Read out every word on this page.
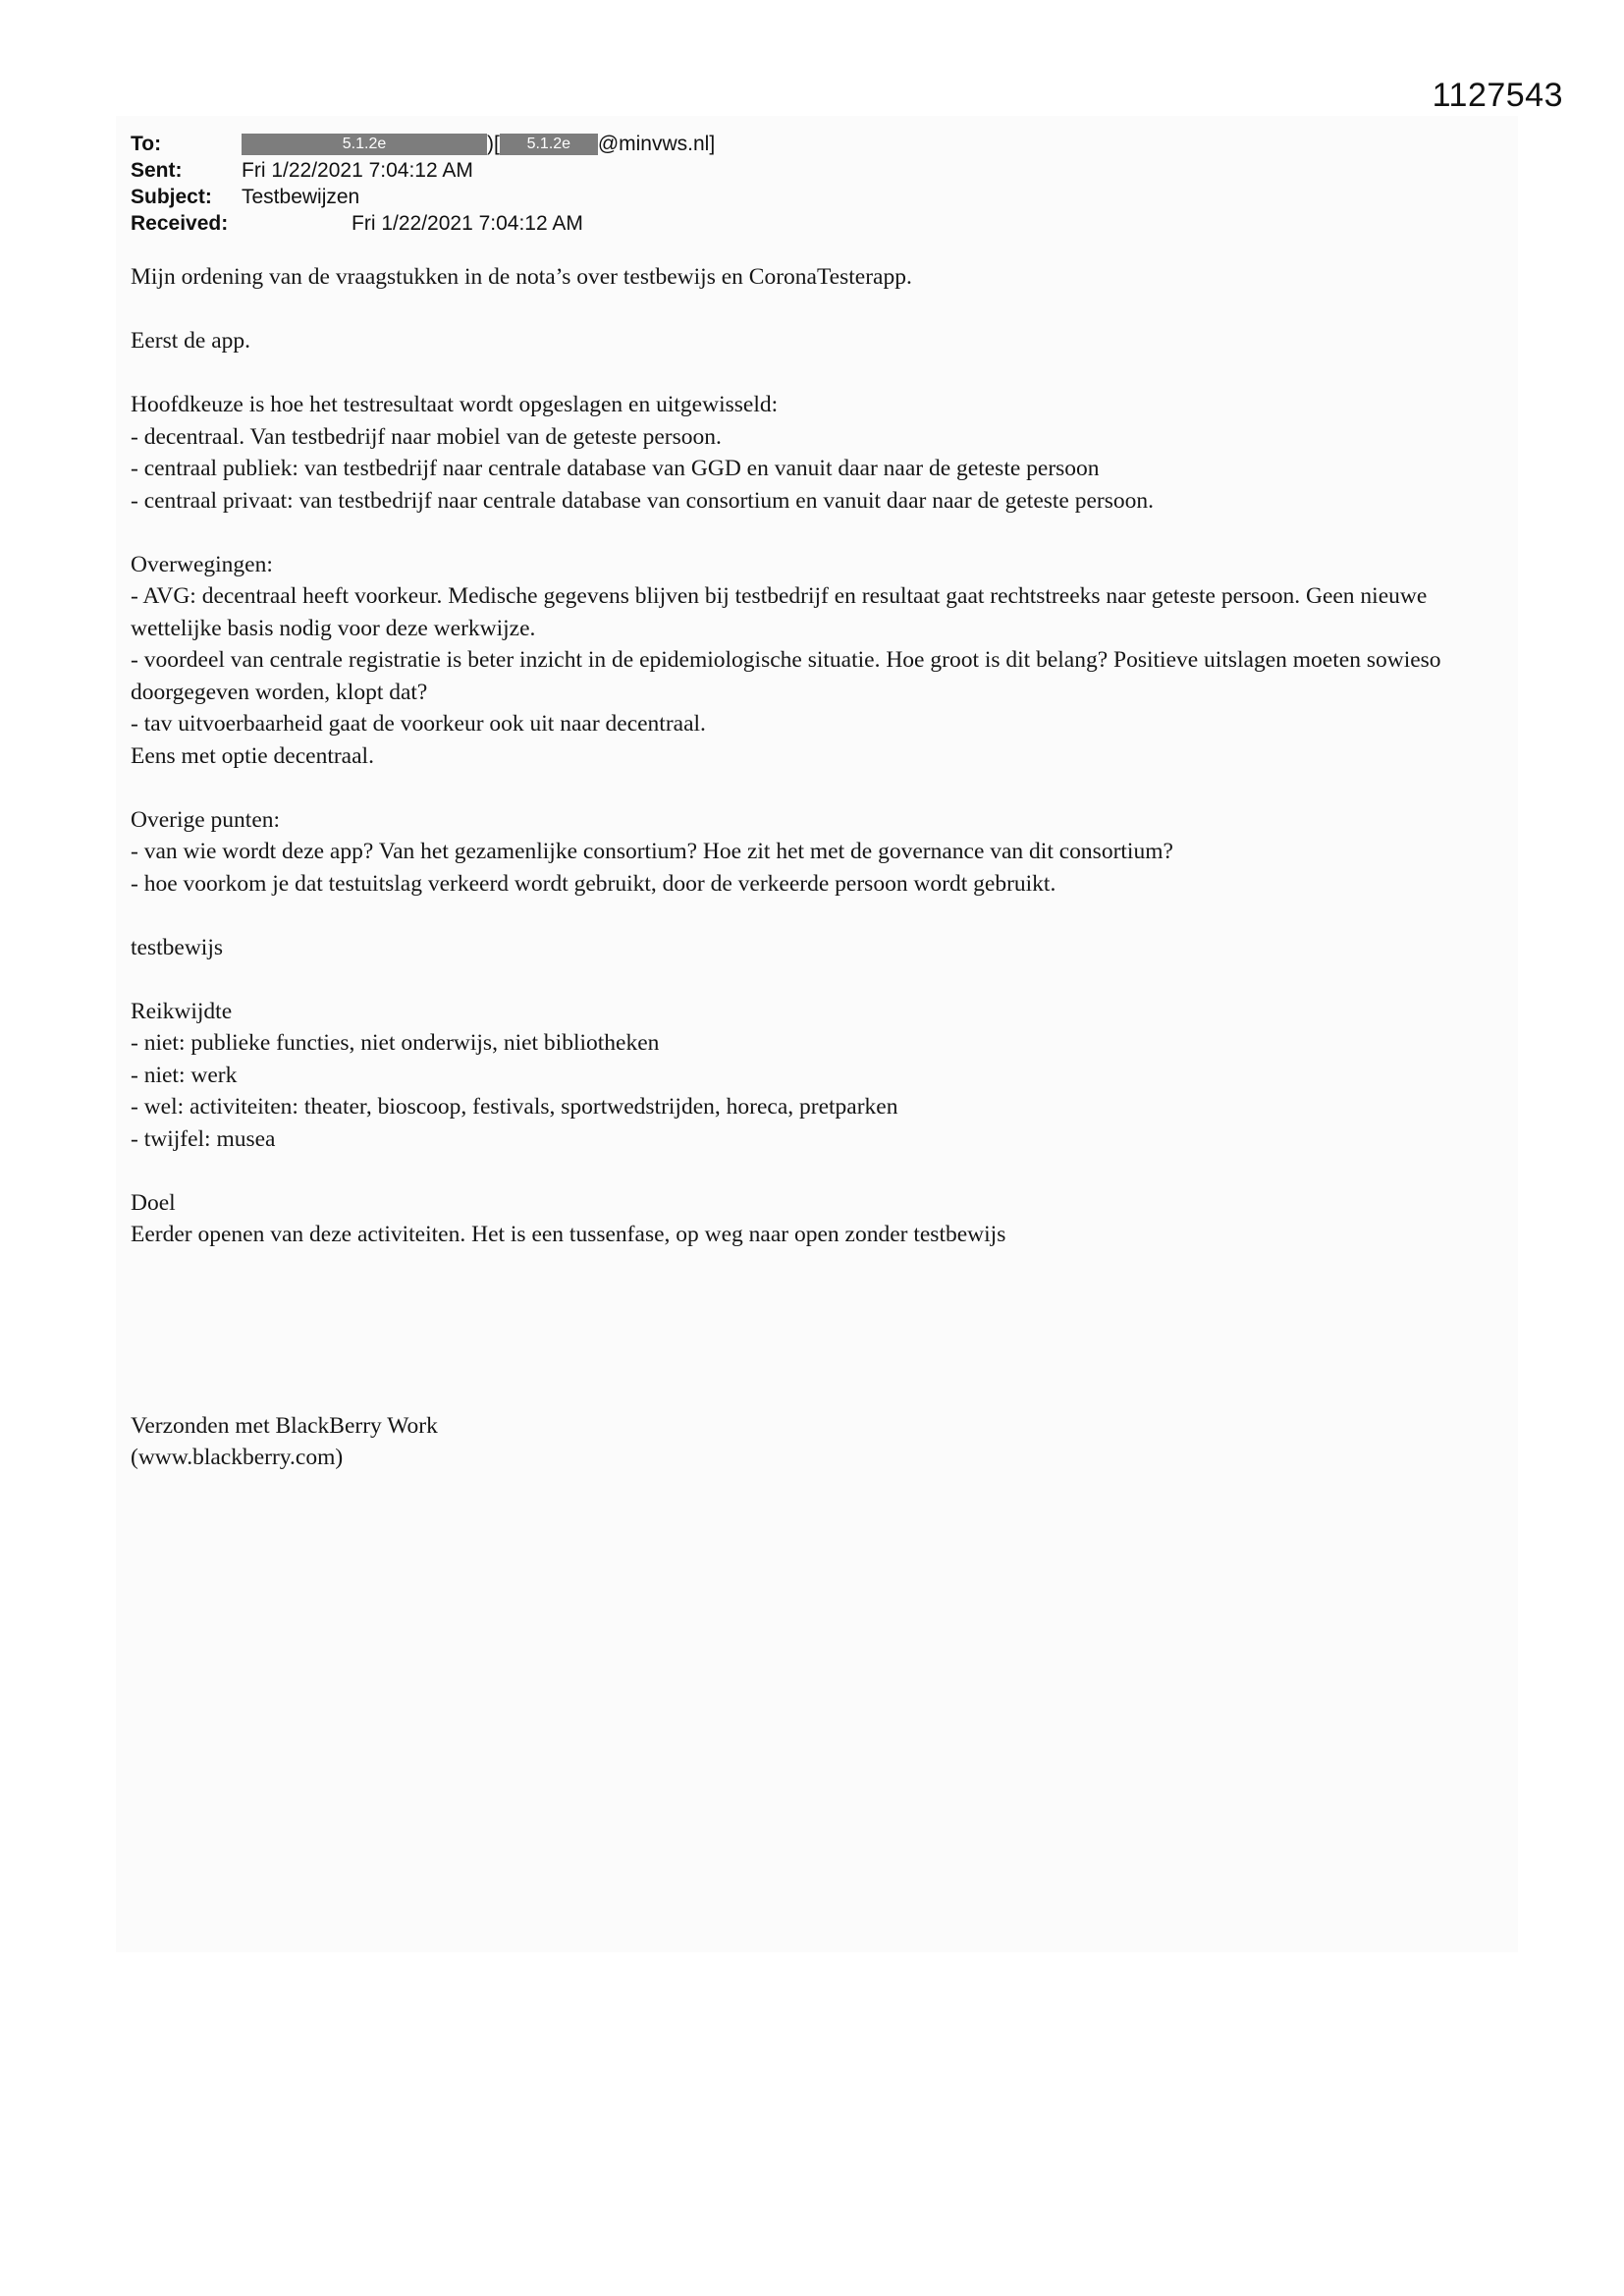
1127543
To:	5.1.2e	)[ 5.1.2e @minvws.nl]
Sent:	Fri 1/22/2021 7:04:12 AM
Subject: Testbewijzen
Received:	Fri 1/22/2021 7:04:12 AM

Mijn ordening van de vraagstukken in de nota’s over testbewijs en CoronaTesterapp.

Eerst de app.

Hoofdkeuze is hoe het testresultaat wordt opgeslagen en uitgewisseld:

- decentraal. Van testbedrijf naar mobiel van de geteste persoon.

- centraal publiek: van testbedrijf naar centrale database van GGD en vanuit daar naar de geteste persoon

- centraal privaat: van testbedrijf naar centrale database van consortium en vanuit daar naar de geteste persoon.

Overwegingen:

- AVG: decentraal heeft voorkeur. Medische gegevens blijven bij testbedrijf en resultaat gaat rechtstreeks naar geteste persoon. Geen nieuwe wettelijke basis nodig voor deze werkwijze.

- voordeel van centrale registratie is beter inzicht in de epidemiologische situatie. Hoe groot is dit belang? Positieve uitslagen moeten sowieso doorgegeven worden, klopt dat?

- tav uitvoerbaarheid gaat de voorkeur ook uit naar decentraal.

Eens met optie decentraal.

Overige punten:

- van wie wordt deze app? Van het gezamenlijke consortium? Hoe zit het met de governance van dit consortium?

- hoe voorkom je dat testuitslag verkeerd wordt gebruikt, door de verkeerde persoon wordt gebruikt.

testbewijs

Reikwijdte

- niet: publieke functies, niet onderwijs, niet bibliotheken

- niet: werk

- wel: activiteiten: theater, bioscoop, festivals, sportwedstrijden, horeca, pretparken

- twijfel: musea

Doel

Eerder openen van deze activiteiten. Het is een tussenfase, op weg naar open zonder testbewijs

Verzonden met BlackBerry Work

(www.blackberry.com)
